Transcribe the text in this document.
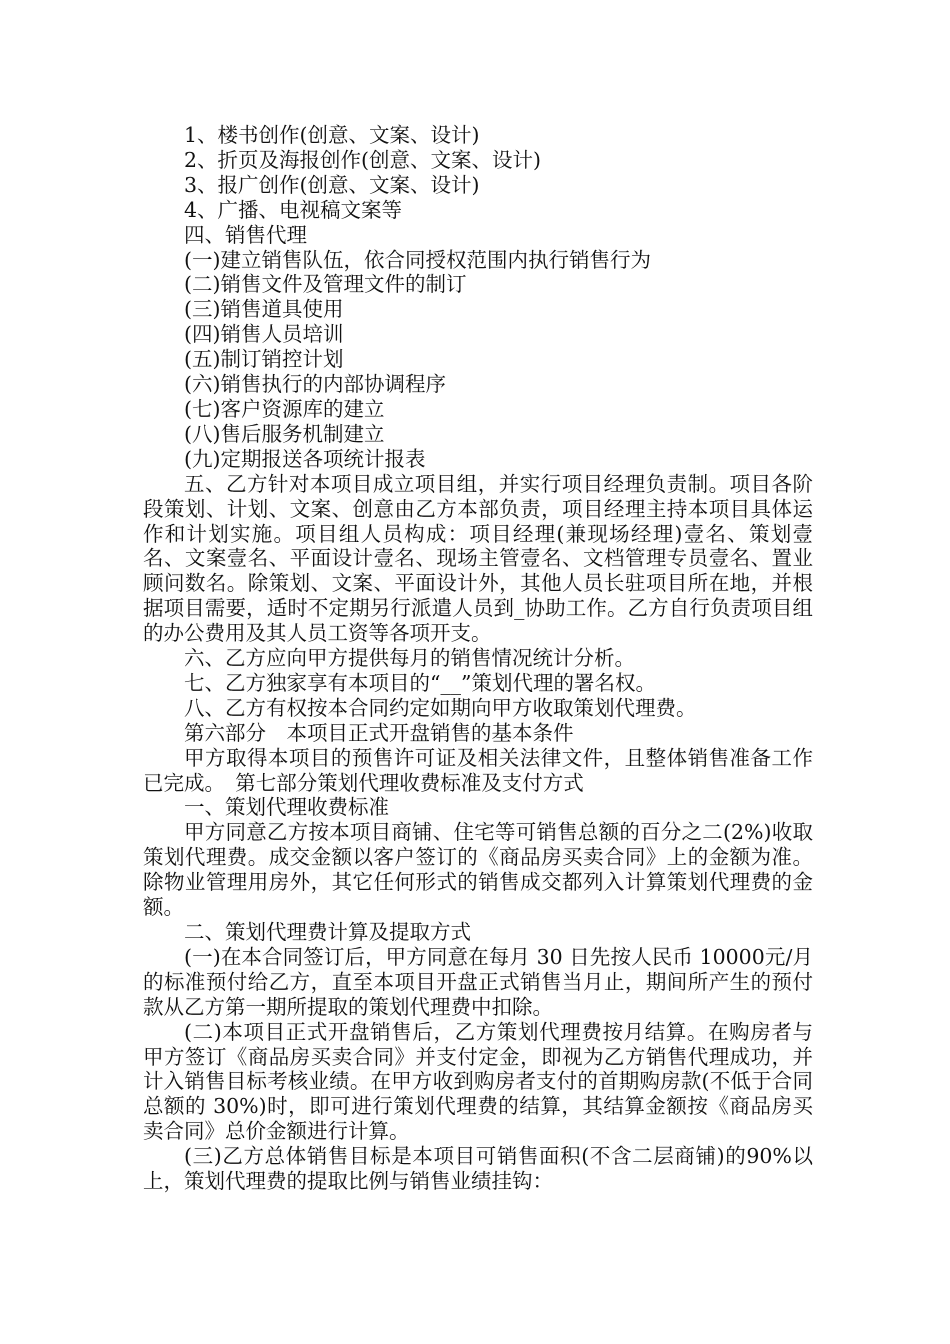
1、楼书创作(创意、文案、设计)

2、折页及海报创作(创意、文案、设计)

3、报广创作(创意、文案、设计)

4、广播、电视稿文案等

四、销售代理

(一)建立销售队伍，依合同授权范围内执行销售行为

(二)销售文件及管理文件的制订

(三)销售道具使用

(四)销售人员培训

(五)制订销控计划

(六)销售执行的内部协调程序

(七)客户资源库的建立

(八)售后服务机制建立

(九)定期报送各项统计报表

五、乙方针对本项目成立项目组，并实行项目经理负责制。项目各阶段策划、计划、文案、创意由乙方本部负责，项目经理主持本项目具体运作和计划实施。项目组人员构成：项目经理(兼现场经理)壹名、策划壹名、文案壹名、平面设计壹名、现场主管壹名、文档管理专员壹名、置业顾问数名。除策划、文案、平面设计外，其他人员长驻项目所在地，并根据项目需要，适时不定期另行派遣人员到_协助工作。乙方自行负责项目组的办公费用及其人员工资等各项开支。

六、乙方应向甲方提供每月的销售情况统计分析。

七、乙方独家享有本项目的“__”策划代理的署名权。

八、乙方有权按本合同约定如期向甲方收取策划代理费。

第六部分　本项目正式开盘销售的基本条件

甲方取得本项目的预售许可证及相关法律文件，且整体销售准备工作已完成。　第七部分策划代理收费标准及支付方式

一、策划代理收费标准

甲方同意乙方按本项目商铺、住宅等可销售总额的百分之二(2%)收取策划代理费。成交金额以客户签订的《商品房买卖合同》上的金额为准。除物业管理用房外，其它任何形式的销售成交都列入计算策划代理费的金额。

二、策划代理费计算及提取方式

(一)在本合同签订后，甲方同意在每月 30 日先按人民币 10000元/月的标准预付给乙方，直至本项目开盘正式销售当月止，期间所产生的预付款从乙方第一期所提取的策划代理费中扣除。

(二)本项目正式开盘销售后，乙方策划代理费按月结算。在购房者与甲方签订《商品房买卖合同》并支付定金，即视为乙方销售代理成功，并计入销售目标考核业绩。在甲方收到购房者支付的首期购房款(不低于合同总额的 30%)时，即可进行策划代理费的结算，其结算金额按《商品房买卖合同》总价金额进行计算。

(三)乙方总体销售目标是本项目可销售面积(不含二层商铺)的90%以上，策划代理费的提取比例与销售业绩挂钩：
